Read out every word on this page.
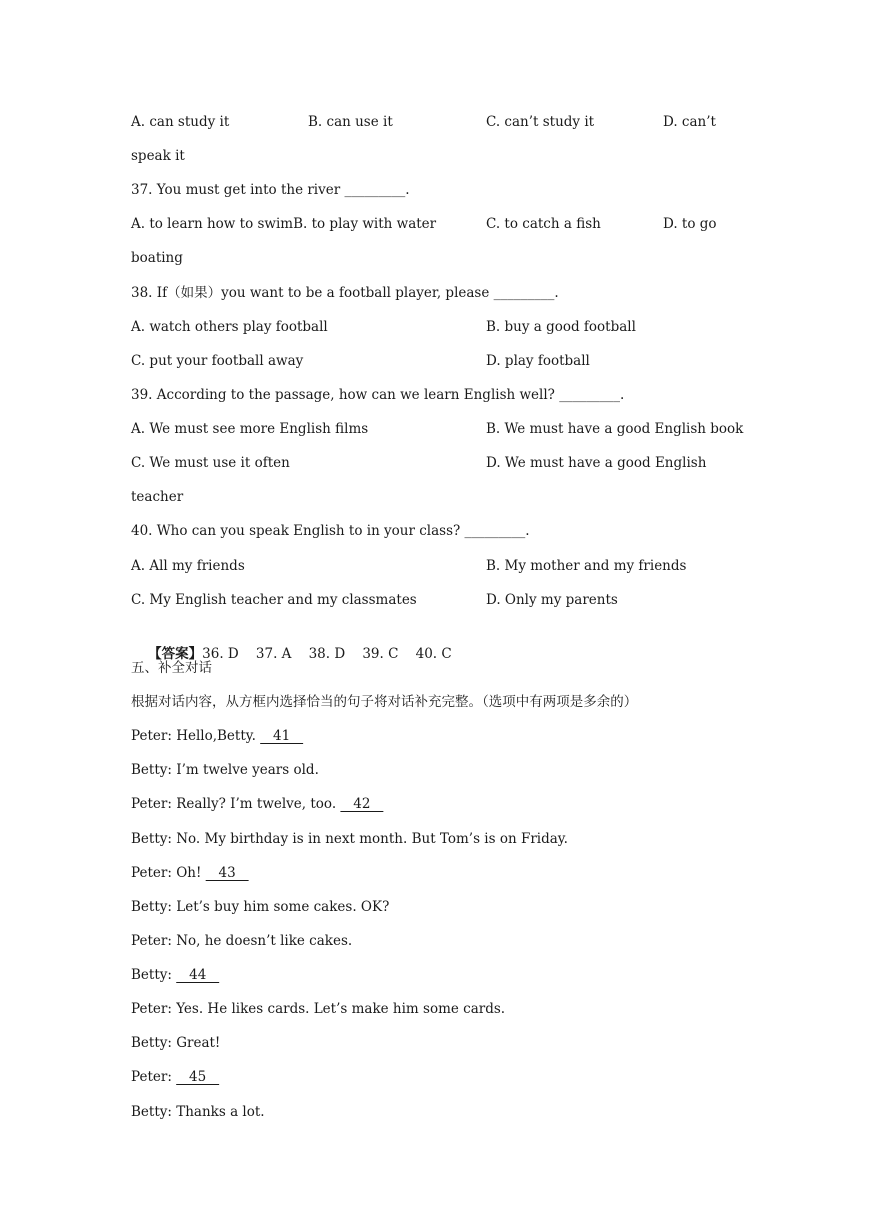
A. can study it

	B. can use it

	C. can’t study it

	D. can’t

speak it
37. You must get into the river _________.

A. to learn how to swimB. to play with water

	C. to catch a fish

	D. to go

boating
38. If（如果）you want to be a football player, please _________.

A. watch others play football

	B. buy a good football

C. put your football away

	D. play football

39. According to the passage, how can we learn English well? _________.

A. We must see more English films

	B. We must have a good English book

C. We must use it often

	D. We must have a good English

teacher
40. Who can you speak English to in your class? _________.

A. All my friends

	B. My mother and my friends

C. My English teacher and my classmates

	D. Only my parents

【答案】36. D    37. A    38. D    39. C    40. C

五、补全对话
根据对话内容，从方框内选择恰当的句子将对话补充完整。（选项中有两项是多余的）
Peter: Hello,Betty.    41
Betty: I’m twelve years old.
Peter: Really? I’m twelve, too.    42
Betty: No. My birthday is in next month. But Tom’s is on Friday.
Peter: Oh!    43
Betty: Let’s buy him some cakes. OK?
Peter: No, he doesn’t like cakes.
Betty:    44
Peter: Yes. He likes cards. Let’s make him some cards.
Betty: Great!
Peter:    45
Betty: Thanks a lot.
